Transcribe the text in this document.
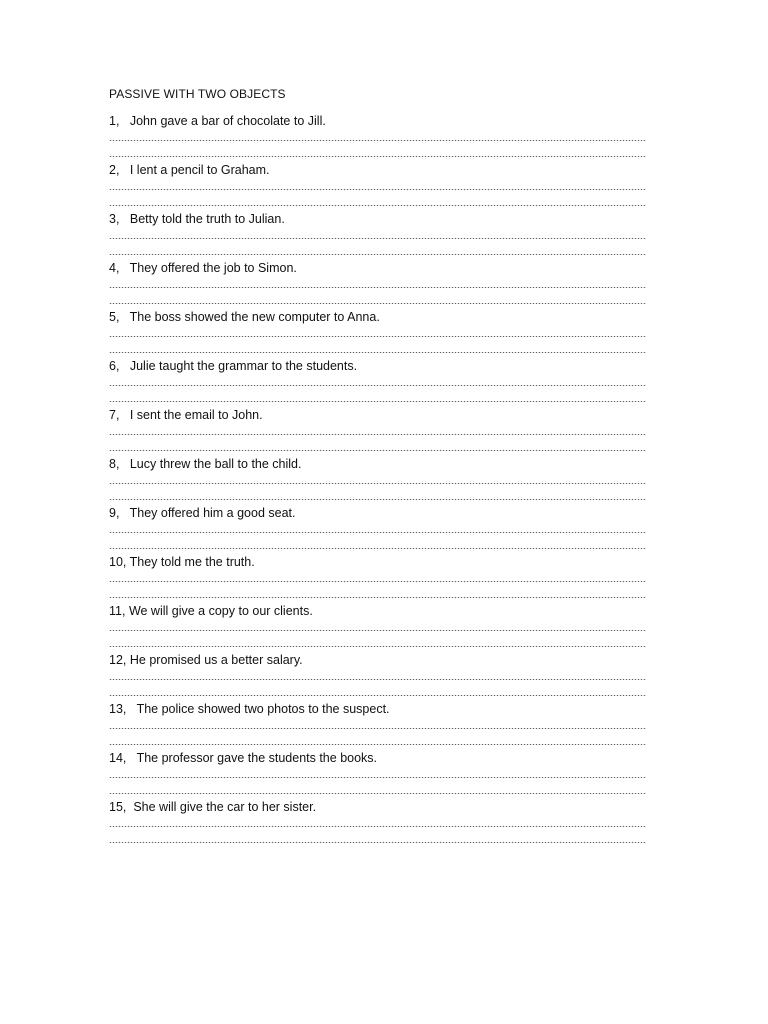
PASSIVE WITH TWO OBJECTS
1, John gave a bar of chocolate to Jill.
2, I lent a pencil to Graham.
3, Betty told the truth to Julian.
4, They offered the job to Simon.
5, The boss showed the new computer to Anna.
6, Julie taught the grammar to the students.
7, I sent the email to John.
8, Lucy threw the ball to the child.
9, They offered him a good seat.
10, They told me the truth.
11, We will give a copy to our clients.
12, He promised us a better salary.
13, The police showed two photos to the suspect.
14, The professor gave the students the books.
15, She will give the car to her sister.
